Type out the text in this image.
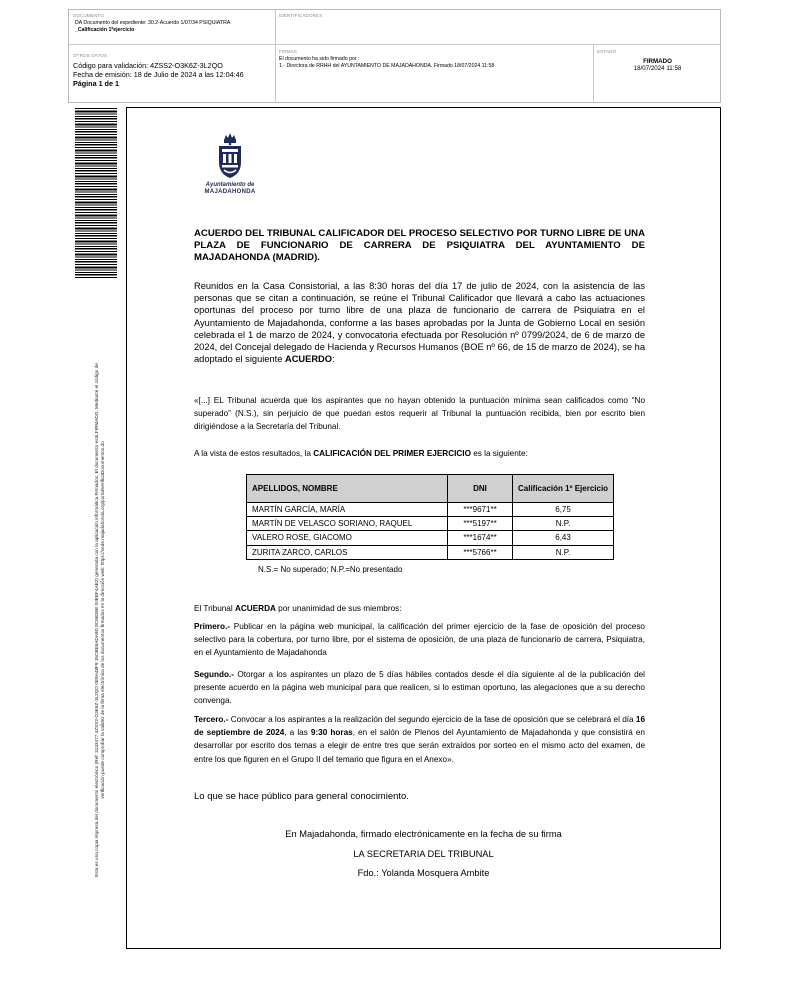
DOCUMENTO
DA Documento del expediente: 30.2-Acuerdo 1/07/34 PSIQUIATRA
_Calificación 1ºejercicio
IDENTIFICADORES
OTROS DATOS
Código para validación: 4ZSS2-O3K6Z-3L2QO
Fecha de emisión: 18 de Julio de 2024 a las 12:04:46
Página 1 de 1
FIRMAS
El documento ha sido firmado por :
1.- Directora de RRHH del AYUNTAMIENTO DE MAJADAHONDA. Firmado 18/07/2024 11:58
ESTADO
FIRMADO
18/07/2024 11:58
Esta es una copia impresa del documento electrónico (Ref: 3133477 4ZSS2-O3K6Z-3L2QO 0E8A48F9 15CBE6ADA9D 8C6B35E 00EEF4AE2) generada con la aplicación informática Firmadoc. El documento está FIRMADO. Mediante el código de verificación puede comprobar la validez de la firma electrónica de los documentos firmados en la dirección web: https://sede.majadahonda.org/portal/verificaDocumentos.do
Ayuntamiento de
MAJADAHONDA
ACUERDO DEL TRIBUNAL CALIFICADOR DEL PROCESO SELECTIVO POR TURNO LIBRE DE UNA PLAZA DE FUNCIONARIO DE CARRERA DE PSIQUIATRA DEL AYUNTAMIENTO DE MAJADAHONDA (MADRID).
Reunidos en la Casa Consistorial, a las 8:30 horas del día 17 de julio de 2024, con la asistencia de las personas que se citan a continuación, se reúne el Tribunal Calificador que llevará a cabo las actuaciones oportunas del proceso por turno libre de una plaza de funcionario de carrera de Psiquiatra en el Ayuntamiento de Majadahonda, conforme a las bases aprobadas por la Junta de Gobierno Local en sesión celebrada el 1 de marzo de 2024, y convocatoria efectuada por Resolución nº 0799/2024, de 6 de marzo de 2024, del Concejal delegado de Hacienda y Recursos Humanos (BOE nº 66, de 15 de marzo de 2024), se ha adoptado el siguiente ACUERDO:
«[...] EL Tribunal acuerda que los aspirantes que no hayan obtenido la puntuación mínima sean calificados como “No superado” (N.S.), sin perjuicio de que puedan estos requerir al Tribunal la puntuación recibida, bien por escrito bien dirigiéndose a la Secretaría del Tribunal.
A la vista de estos resultados, la CALIFICACIÓN DEL PRIMER EJERCICIO es la siguiente:
APELLIDOS, NOMBRE	DNI	Calificación 1º Ejercicio
MARTÍN GARCÍA, MARÍA	***9671**	6,75
MARTÍN DE VELASCO SORIANO, RAQUEL	***5197**	N.P.
VALERO ROSE, GIACOMO	***1674**	6,43
ZURITA ZARCO, CARLOS	***5766**	N.P.
N.S.= No superado; N.P.=No presentado
El Tribunal ACUERDA por unanimidad de sus miembros:
Primero.- Publicar en la página web municipal, la calificación del primer ejercicio de la fase de oposición del proceso selectivo para la cobertura, por turno libre, por el sistema de oposición, de una plaza de funcionario de carrera, Psiquiatra, en el Ayuntamiento de Majadahonda
Segundo.- Otorgar a los aspirantes un plazo de 5 días hábiles contados desde el día siguiente al de la publicación del presente acuerdo en la página web municipal para que realicen, si lo estiman oportuno, las alegaciones que a su derecho convenga.
Tercero.- Convocar a los aspirantes a la realización del segundo ejercicio de la fase de oposición que se celebrará el día 16 de septiembre de 2024, a las 9:30 horas, en el salón de Plenos del Ayuntamiento de Majadahonda y que consistirá en desarrollar por escrito dos temas a elegir de entre tres que serán extraídos por sorteo en el mismo acto del examen, de entre los que figuren en el Grupo II del temario que figura en el Anexo».
Lo que se hace público para general conocimiento.
En Majadahonda, firmado electrónicamente en la fecha de su firma
LA SECRETARIA DEL TRIBUNAL
Fdo.: Yolanda Mosquera Ambite
